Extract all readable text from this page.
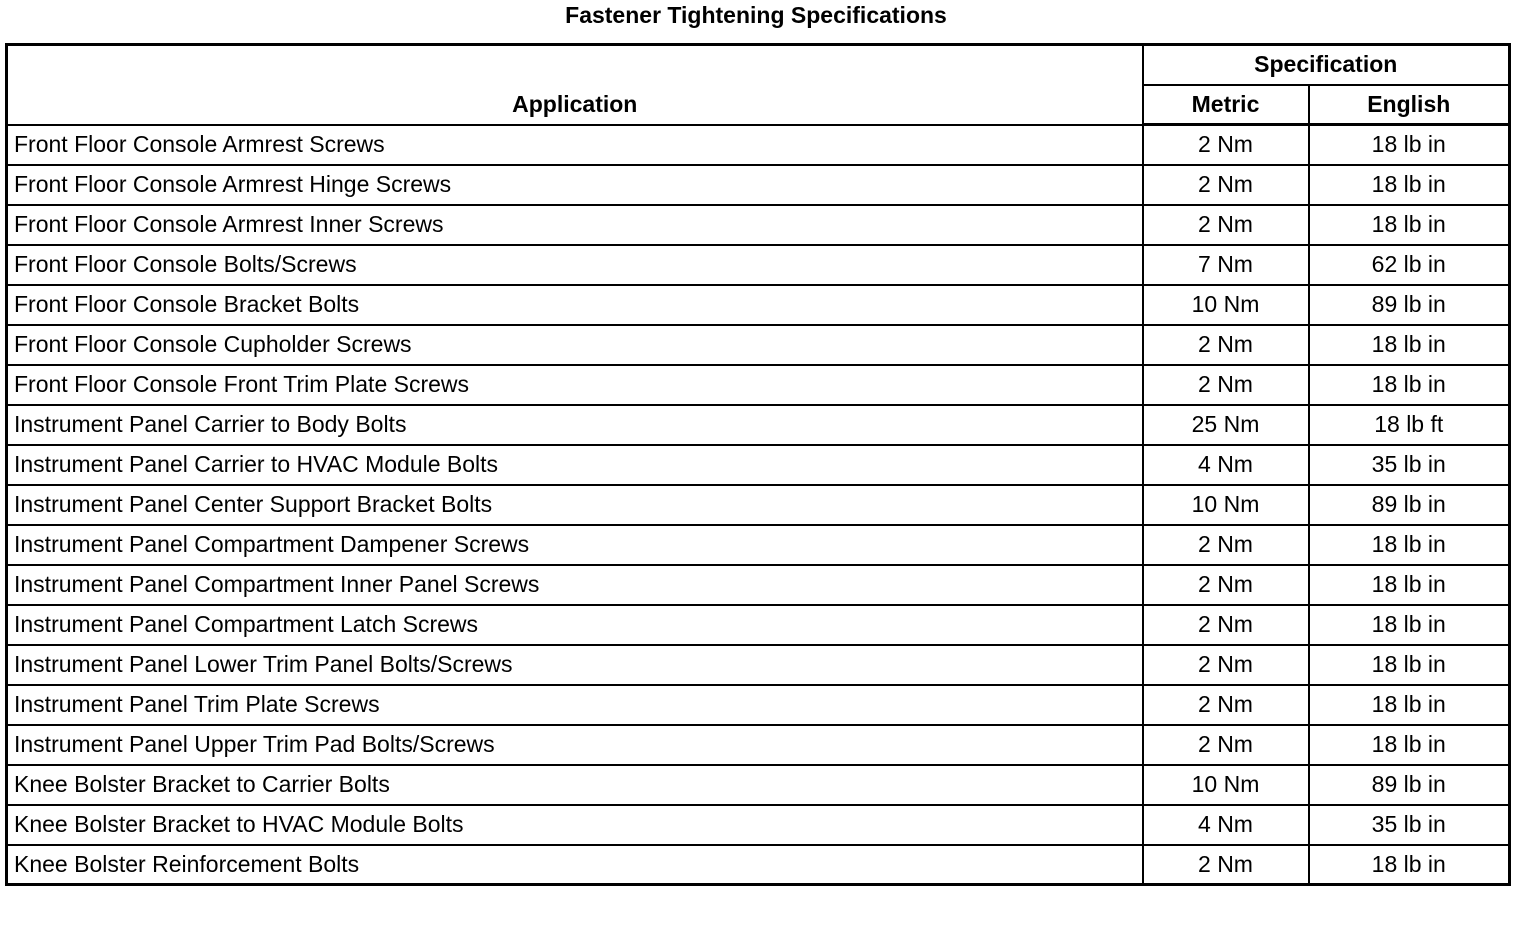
Fastener Tightening Specifications
Application	Specification	
	Metric	English
Front Floor Console Armrest Screws	2 Nm	18 lb in
Front Floor Console Armrest Hinge Screws	2 Nm	18 lb in
Front Floor Console Armrest Inner Screws	2 Nm	18 lb in
Front Floor Console Bolts/Screws	7 Nm	62 lb in
Front Floor Console Bracket Bolts	10 Nm	89 lb in
Front Floor Console Cupholder Screws	2 Nm	18 lb in
Front Floor Console Front Trim Plate Screws	2 Nm	18 lb in
Instrument Panel Carrier to Body Bolts	25 Nm	18 lb ft
Instrument Panel Carrier to HVAC Module Bolts	4 Nm	35 lb in
Instrument Panel Center Support Bracket Bolts	10 Nm	89 lb in
Instrument Panel Compartment Dampener Screws	2 Nm	18 lb in
Instrument Panel Compartment Inner Panel Screws	2 Nm	18 lb in
Instrument Panel Compartment Latch Screws	2 Nm	18 lb in
Instrument Panel Lower Trim Panel Bolts/Screws	2 Nm	18 lb in
Instrument Panel Trim Plate Screws	2 Nm	18 lb in
Instrument Panel Upper Trim Pad Bolts/Screws	2 Nm	18 lb in
Knee Bolster Bracket to Carrier Bolts	10 Nm	89 lb in
Knee Bolster Bracket to HVAC Module Bolts	4 Nm	35 lb in
Knee Bolster Reinforcement Bolts	2 Nm	18 lb in
